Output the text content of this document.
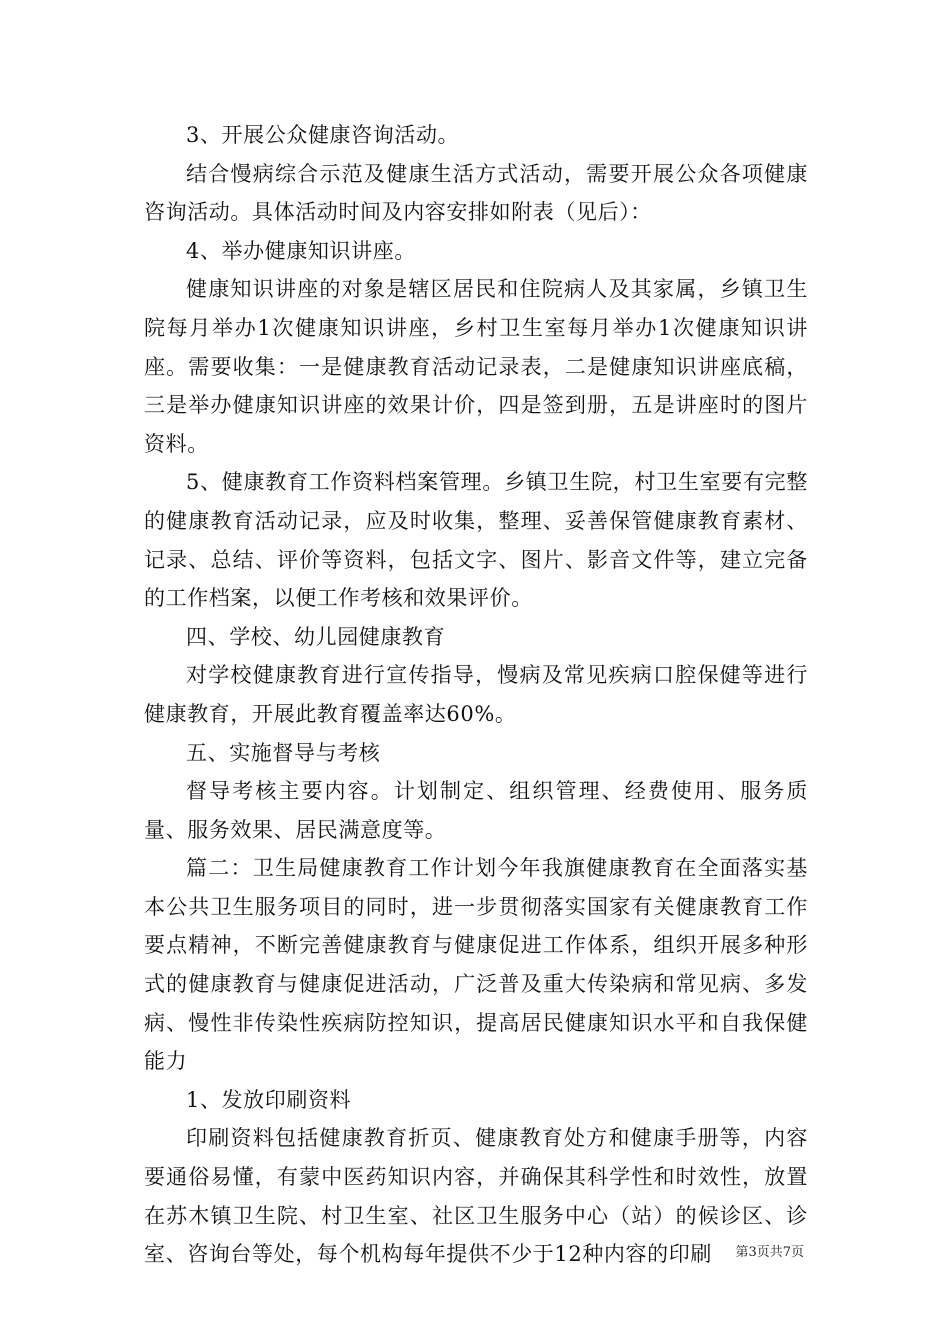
3、开展公众健康咨询活动。

结合慢病综合示范及健康生活方式活动，需要开展公众各项健康咨询活动。具体活动时间及内容安排如附表（见后）：

4、举办健康知识讲座。

健康知识讲座的对象是辖区居民和住院病人及其家属，乡镇卫生院每月举办1次健康知识讲座，乡村卫生室每月举办1次健康知识讲座。需要收集：一是健康教育活动记录表，二是健康知识讲座底稿，三是举办健康知识讲座的效果计价，四是签到册，五是讲座时的图片资料。

5、健康教育工作资料档案管理。乡镇卫生院，村卫生室要有完整的健康教育活动记录，应及时收集，整理、妥善保管健康教育素材、记录、总结、评价等资料，包括文字、图片、影音文件等，建立完备的工作档案，以便工作考核和效果评价。

四、学校、幼儿园健康教育

对学校健康教育进行宣传指导，慢病及常见疾病口腔保健等进行健康教育，开展此教育覆盖率达60%。

五、实施督导与考核

督导考核主要内容。计划制定、组织管理、经费使用、服务质量、服务效果、居民满意度等。

篇二：卫生局健康教育工作计划今年我旗健康教育在全面落实基本公共卫生服务项目的同时，进一步贯彻落实国家有关健康教育工作要点精神，不断完善健康教育与健康促进工作体系，组织开展多种形式的健康教育与健康促进活动，广泛普及重大传染病和常见病、多发病、慢性非传染性疾病防控知识，提高居民健康知识水平和自我保健能力

1、发放印刷资料

印刷资料包括健康教育折页、健康教育处方和健康手册等，内容要通俗易懂，有蒙中医药知识内容，并确保其科学性和时效性，放置在苏木镇卫生院、村卫生室、社区卫生服务中心（站）的候诊区、诊室、咨询台等处，每个机构每年提供不少于12种内容的印刷	第3页共7页
